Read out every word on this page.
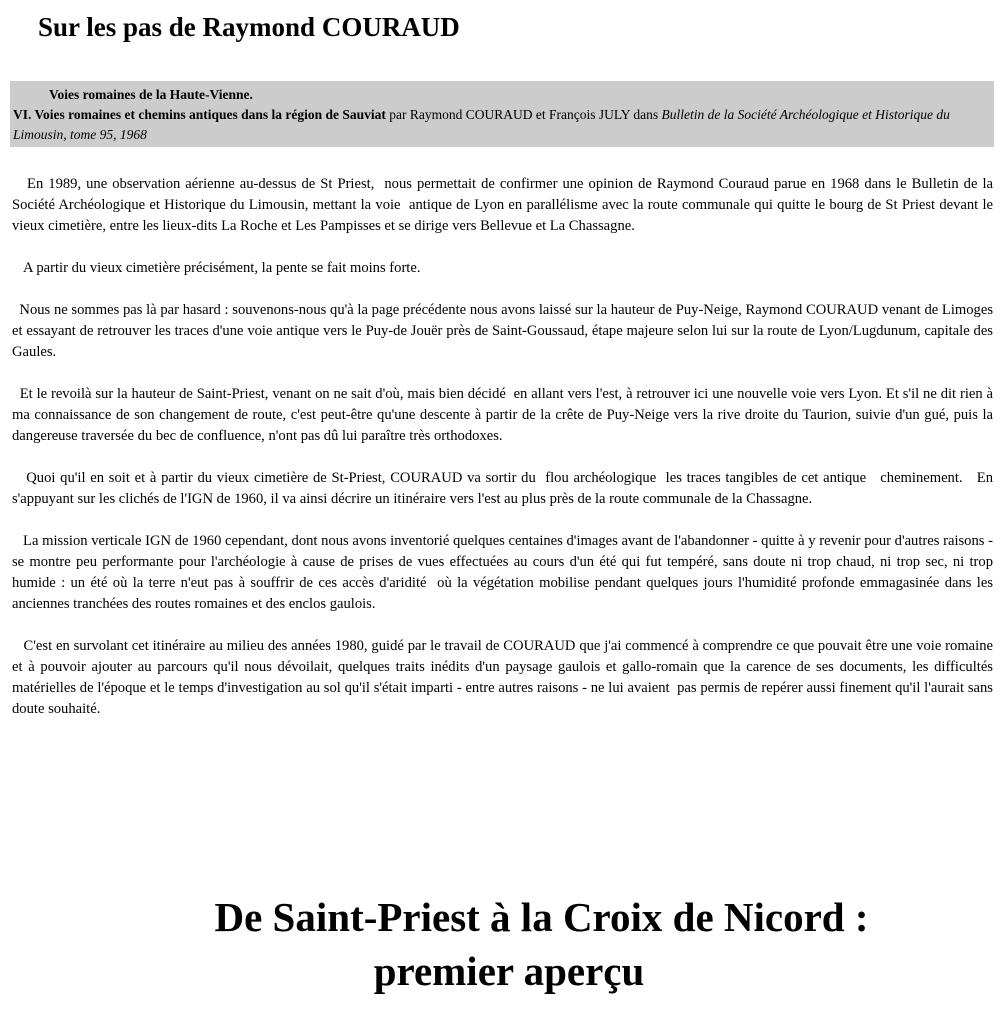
Sur les pas de Raymond COURAUD
Voies romaines de la Haute-Vienne.
VI. Voies romaines et chemins antiques dans la région de Sauviat par Raymond COURAUD et François JULY dans Bulletin de la Société Archéologique et Historique du Limousin, tome 95, 1968

En 1989, une observation aérienne au-dessus de St Priest,  nous permettait de confirmer une opinion de Raymond Couraud parue en 1968 dans le Bulletin de la Société Archéologique et Historique du Limousin, mettant la voie  antique de Lyon en parallélisme avec la route communale qui quitte le bourg de St Priest devant le vieux cimetière, entre les lieux-dits La Roche et Les Pampisses et se dirige vers Bellevue et La Chassagne.

A partir du vieux cimetière précisément, la pente se fait moins forte.

Nous ne sommes pas là par hasard : souvenons-nous qu'à la page précédente nous avons laissé sur la hauteur de Puy-Neige, Raymond COURAUD venant de Limoges et essayant de retrouver les traces d'une voie antique vers le Puy-de Jouër près de Saint-Goussaud, étape majeure selon lui sur la route de Lyon/Lugdunum, capitale des Gaules.

Et le revoilà sur la hauteur de Saint-Priest, venant on ne sait d'où, mais bien décidé  en allant vers l'est, à retrouver ici une nouvelle voie vers Lyon. Et s'il ne dit rien à ma connaissance de son changement de route, c'est peut-être qu'une descente à partir de la crête de Puy-Neige vers la rive droite du Taurion, suivie d'un gué, puis la dangereuse traversée du bec de confluence, n'ont pas dû lui paraître très orthodoxes.

Quoi qu'il en soit et à partir du vieux cimetière de St-Priest, COURAUD va sortir du  flou archéologique  les traces tangibles de cet antique   cheminement.   En s'appuyant sur les clichés de l'IGN de 1960, il va ainsi décrire un itinéraire vers l'est au plus près de la route communale de la Chassagne.

La mission verticale IGN de 1960 cependant, dont nous avons inventorié quelques centaines d'images avant de l'abandonner - quitte à y revenir pour d'autres raisons -  se montre peu performante pour l'archéologie à cause de prises de vues effectuées au cours d'un été qui fut tempéré, sans doute ni trop chaud, ni trop sec, ni trop humide : un été où la terre n'eut pas à souffrir de ces accès d'aridité  où la végétation mobilise pendant quelques jours l'humidité profonde emmagasinée dans les anciennes tranchées des routes romaines et des enclos gaulois.

C'est en survolant cet itinéraire au milieu des années 1980, guidé par le travail de COURAUD que j'ai commencé à comprendre ce que pouvait être une voie romaine et à pouvoir ajouter au parcours qu'il nous dévoilait, quelques traits inédits d'un paysage gaulois et gallo-romain que la carence de ses documents, les difficultés matérielles de l'époque et le temps d'investigation au sol qu'il s'était imparti - entre autres raisons - ne lui avaient  pas permis de repérer aussi finement qu'il l'aurait sans doute souhaité.

De Saint-Priest à la Croix de Nicord :
premier aperçu
